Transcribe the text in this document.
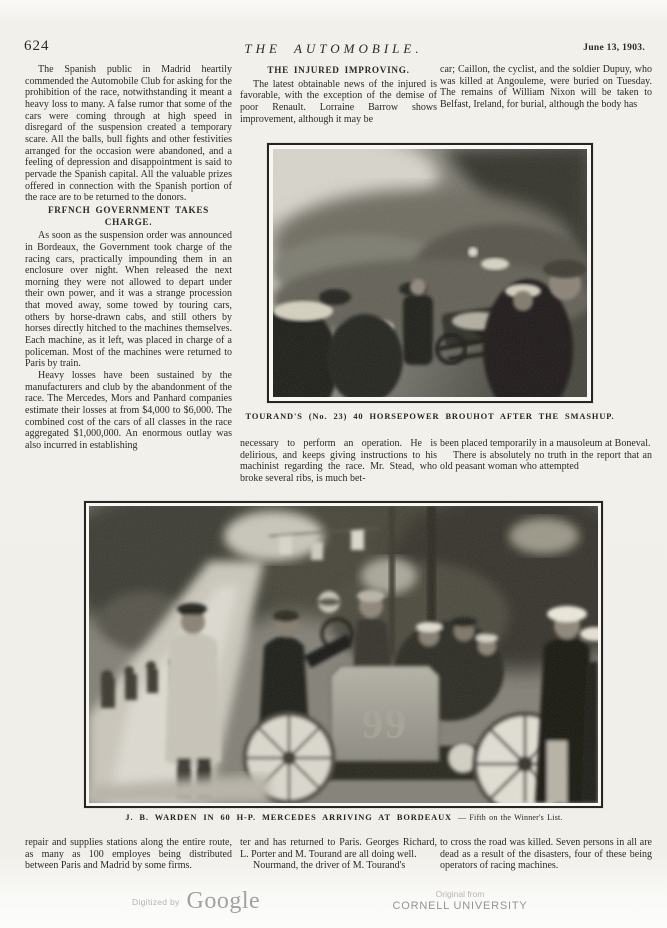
624	THE AUTOMOBILE.	June 13, 1903.

The Spanish public in Madrid heartily commended the Automobile Club for asking for the prohibition of the race, notwithstanding it meant a heavy loss to many. A false rumor that some of the cars were coming through at high speed in disregard of the suspension created a temporary scare. All the balls, bull fights and other festivities arranged for the occasion were abandoned, and a feeling of depression and disappointment is said to pervade the Spanish capital. All the valuable prizes offered in connection with the Spanish portion of the race are to be returned to the donors.

FRFNCH GOVERNMENT TAKES CHARGE.

As soon as the suspension order was announced in Bordeaux, the Government took charge of the racing cars, practically impounding them in an enclosure over night. When released the next morning they were not allowed to depart under their own power, and it was a strange procession that moved away, some towed by touring cars, others by horse-drawn cabs, and still others by horses directly hitched to the machines themselves. Each machine, as it left, was placed in charge of a policeman. Most of the machines were returned to Paris by train.

Heavy losses have been sustained by the manufacturers and club by the abandonment of the race. The Mercedes, Mors and Panhard companies estimate their losses at from $4,000 to $6,000. The combined cost of the cars of all classes in the race aggregated $1,000,000. An enormous outlay was also incurred in establishing

THE INJURED IMPROVING.

The latest obtainable news of the injured is favorable, with the exception of the demise of poor Renault. Lorraine Barrow shows improvement, although it may be

car; Caillon, the cyclist, and the soldier Dupuy, who was killed at Angouleme, were buried on Tuesday. The remains of William Nixon will be taken to Belfast, Ireland, for burial, although the body has

TOURAND'S (No. 23) 40 HORSEPOWER BROUHOT AFTER THE SMASHUP.

necessary to perform an operation. He is delirious, and keeps giving instructions to his machinist regarding the race. Mr. Stead, who broke several ribs, is much bet-

been placed temporarily in a mausoleum at Boneval.

There is absolutely no truth in the report that an old peasant woman who attempted

99
J. B. WARDEN IN 60 H-P. MERCEDES ARRIVING AT BORDEAUX — Fifth on the Winner's List.

repair and supplies stations along the entire route, as many as 100 employes being distributed between Paris and Madrid by some firms.

ter and has returned to Paris. Georges Richard, L. Porter and M. Tourand are all doing well.

Nourmand, the driver of M. Tourand's

to cross the road was killed. Seven persons in all are dead as a result of the disasters, four of these being operators of racing machines.

Digitized by Google	Original from
CORNELL UNIVERSITY
